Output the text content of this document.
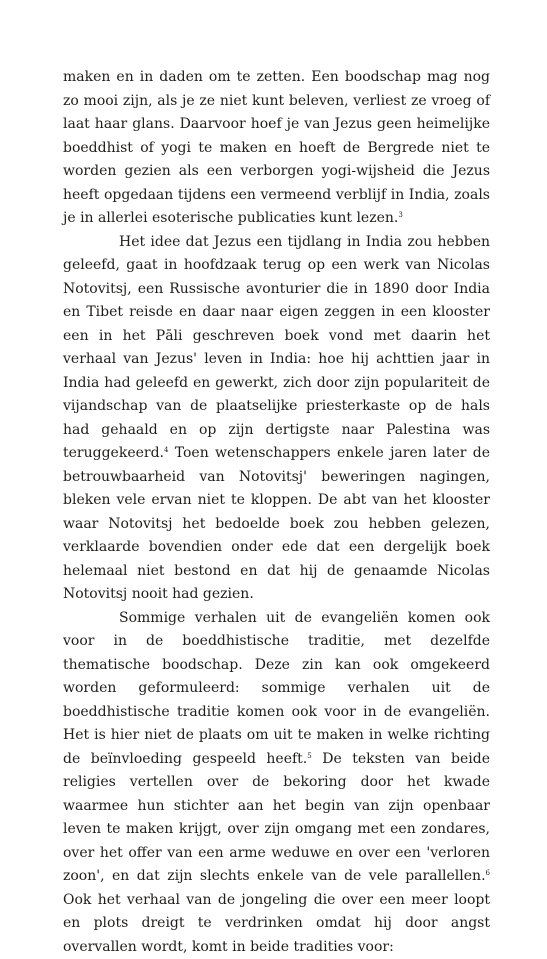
maken en in daden om te zetten. Een boodschap mag nog zo mooi zijn, als je ze niet kunt beleven, verliest ze vroeg of laat haar glans. Daarvoor hoef je van Jezus geen heimelijke boeddhist of yogi te maken en hoeft de Bergrede niet te worden gezien als een verborgen yogi-wijsheid die Jezus heeft opgedaan tijdens een vermeend verblijf in India, zoals je in allerlei esoterische publicaties kunt lezen.$^3$

Het idee dat Jezus een tijdlang in India zou hebben geleefd, gaat in hoofdzaak terug op een werk van Nicolas Notovitsj, een Russische avonturier die in 1890 door India en Tibet reisde en daar naar eigen zeggen in een klooster een in het Pāli geschreven boek vond met daarin het verhaal van Jezus' leven in India: hoe hij achttien jaar in India had geleefd en gewerkt, zich door zijn populariteit de vijandschap van de plaatselijke priesterkaste op de hals had gehaald en op zijn dertigste naar Palestina was teruggekeerd.$^4$ Toen wetenschappers enkele jaren later de betrouwbaarheid van Notovitsj' beweringen nagingen, bleken vele ervan niet te kloppen. De abt van het klooster waar Notovitsj het bedoelde boek zou hebben gelezen, verklaarde bovendien onder ede dat een dergelijk boek helemaal niet bestond en dat hij de genaamde Nicolas Notovitsj nooit had gezien.

Sommige verhalen uit de evangeliën komen ook voor in de boeddhistische traditie, met dezelfde thematische boodschap. Deze zin kan ook omgekeerd worden geformuleerd: sommige verhalen uit de boeddhistische traditie komen ook voor in de evangeliën. Het is hier niet de plaats om uit te maken in welke richting de beïnvloeding gespeeld heeft.$^5$ De teksten van beide religies vertellen over de bekoring door het kwade waarmee hun stichter aan het begin van zijn openbaar leven te maken krijgt, over zijn omgang met een zondares, over het offer van een arme weduwe en over een 'verloren zoon', en dat zijn slechts enkele van de vele parallellen.$^6$ Ook het verhaal van de jongeling die over een meer loopt en plots dreigt te verdrinken omdat hij door angst overvallen wordt, komt in beide tradities voor:
